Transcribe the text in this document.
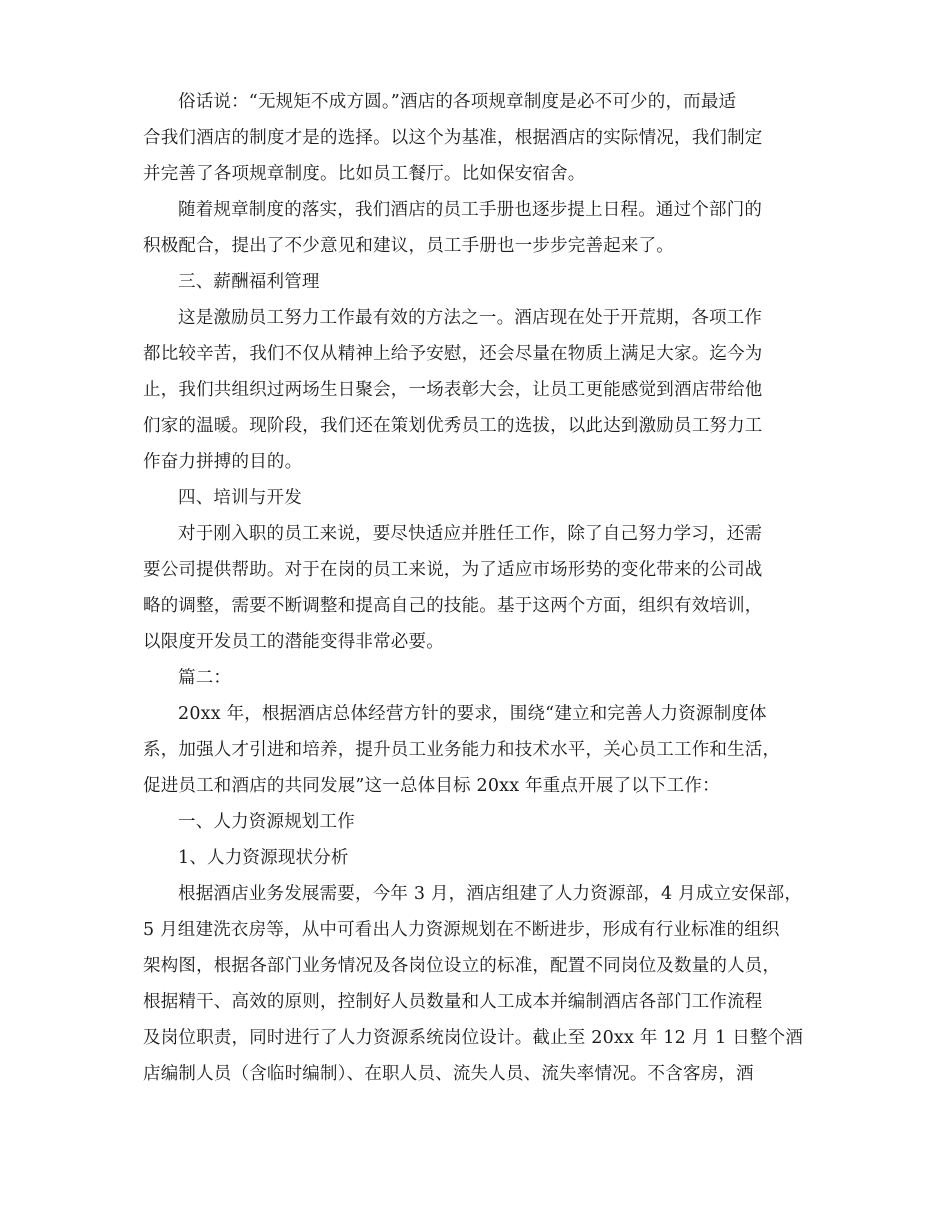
俗话说：“无规矩不成方圆。”酒店的各项规章制度是必不可少的，而最适
合我们酒店的制度才是的选择。以这个为基准，根据酒店的实际情况，我们制定
并完善了各项规章制度。比如员工餐厅。比如保安宿舍。
随着规章制度的落实，我们酒店的员工手册也逐步提上日程。通过个部门的
积极配合，提出了不少意见和建议，员工手册也一步步完善起来了。
三、薪酬福利管理
这是激励员工努力工作最有效的方法之一。酒店现在处于开荒期，各项工作
都比较辛苦，我们不仅从精神上给予安慰，还会尽量在物质上满足大家。迄今为
止，我们共组织过两场生日聚会，一场表彰大会，让员工更能感觉到酒店带给他
们家的温暖。现阶段，我们还在策划优秀员工的选拔，以此达到激励员工努力工
作奋力拼搏的目的。
四、培训与开发
对于刚入职的员工来说，要尽快适应并胜任工作，除了自己努力学习，还需
要公司提供帮助。对于在岗的员工来说，为了适应市场形势的变化带来的公司战
略的调整，需要不断调整和提高自己的技能。基于这两个方面，组织有效培训，
以限度开发员工的潜能变得非常必要。
篇二：
20xx 年，根据酒店总体经营方针的要求，围绕“建立和完善人力资源制度体
系，加强人才引进和培养，提升员工业务能力和技术水平，关心员工工作和生活，
促进员工和酒店的共同发展”这一总体目标 20xx 年重点开展了以下工作：
一、人力资源规划工作
1、人力资源现状分析
根据酒店业务发展需要，今年 3 月，酒店组建了人力资源部，4 月成立安保部，
5 月组建洗衣房等，从中可看出人力资源规划在不断进步，形成有行业标准的组织
架构图，根据各部门业务情况及各岗位设立的标准，配置不同岗位及数量的人员，
根据精干、高效的原则，控制好人员数量和人工成本并编制酒店各部门工作流程
及岗位职责，同时进行了人力资源系统岗位设计。截止至 20xx 年 12 月 1 日整个酒
店编制人员（含临时编制）、在职人员、流失人员、流失率情况。不含客房，酒
